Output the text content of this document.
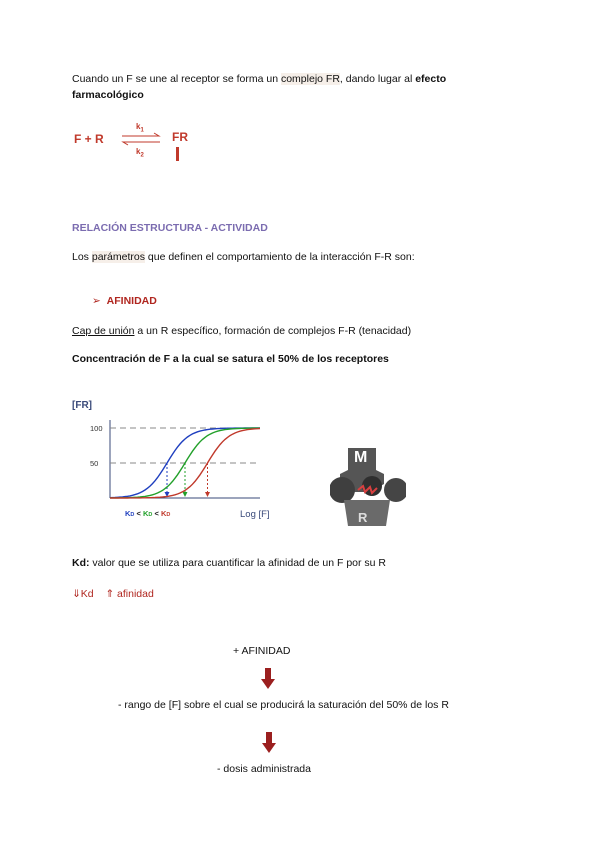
Cuando un F se une al receptor se forma un complejo FR, dando lugar al efecto
farmacológico
F + R
$k_1$
$k_2$
FR
RELACIÓN ESTRUCTURA - ACTIVIDAD
Los parámetros que definen el comportamiento de la interacción F-R son:
➢ AFINIDAD
Cap de unión a un R específico, formación de complejos F-R (tenacidad)
Concentración de F a la cual se satura el 50% de los receptores
[FR]
Log [F]
100
50
KD < KD < KD
M
R
Kd: valor que se utiliza para cuantificar la afinidad de un F por su R
⇓Kd ⇑ afinidad
+ AFINIDAD
- rango de [F] sobre el cual se producirá la saturación del 50% de los R
- dosis administrada
